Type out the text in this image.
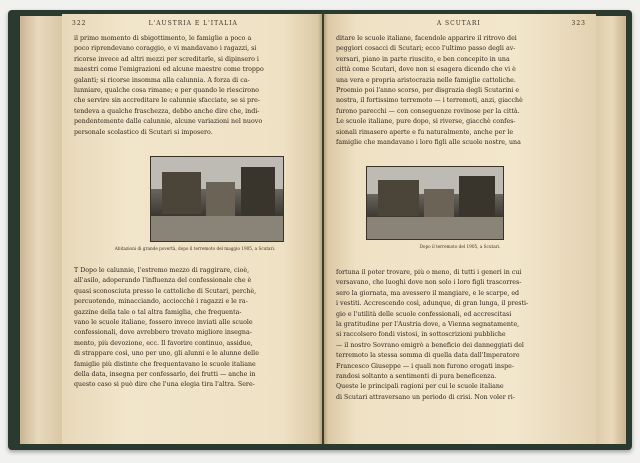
322	L'AUSTRIA E L'ITALIA

il primo momento di sbigottimento, le famiglie a poco a

poco riprendevano coraggio, e vi mandavano i ragazzi, si

ricorse invece ad altri mezzi per screditarle, si dipinsero i

maestri come l'emigrazioni ed alcune maestre come troppo

galanti; si ricorse insomma alla calunnia. A forza di ca-

lunniare, qualche cosa rimane; e per quando le riescirono

che servire sin accreditare le calunnie sfacciate, se si pre-

tendeva a qualche fraschezza, debbo anche dire che, indi-

pendentemente dalle calunnie, alcune variazioni nel nuovo

personale scolastico di Scutari si imposero.

Abitazioni di grande povertà, dopo il terremoto del maggio 1905, a Scutari.

T Dopo le calunnie, l'estremo mezzo di raggirare, cioè,

all'asilo, adoperando l'influenza del confessionale che è

quasi sconosciuta presso le cattoliche di Scutari, perchè,

percuotendo, minacciando, acciocchè i ragazzi e le ra-

gazzine della tale o tal altra famiglia, che frequenta-

vano le scuole italiane, fossero invece inviati alle scuole

confessionali, dove avrebbero trovato migliore insegna-

mento, più devozione, ecc. Il favorire continuo, assidue,

di strappare così, uno per uno, gli alunni e le alunne delle

famiglie più distinte che frequentavano le scuole italiane

della data, insegna per confessarlo, dei frutti — anche in

questo caso si può dire che l'una elegia tira l'altra. Sere-

A SCUTARI	323

ditare le scuole italiane, facendole apparire il ritrovo dei

peggiori cosacci di Scutari; ecco l'ultimo passo degli av-

versari, piano in parte riuscito, e ben concepito in una

città come Scutari, dove non si esagera dicendo che vi è

una vera e propria aristocrazia nelle famiglie cattoliche.

Proemio poi l'anno scorso, per disgrazia degli Scutarini e

nostra, il fortissimo terremoto — i terremoti, anzi, giacchè

furono parecchi — con conseguenze rovinose per la città.

Le scuole italiane, pure dopo, si riverse, giacchè confes-

sionali rimasero aperte e fu naturalmente, anche per le

famiglie che mandavano i loro figli alle scuole nostre, una

Dopo il terremoto del 1905, a Scutari.

fortuna il poter trovare, più o meno, di tutti i generi in cui

versavano, che luoghi dove non solo i loro figli trascorres-

sero la giornata, ma avessero il mangiare, e le scarpe, ed

i vestiti. Accrescendo così, adunque, di gran lunga, il presti-

gio e l'utilità delle scuole confessionali, ed accrescitasi

la gratitudine per l'Austria dove, a Vienna segnatamente,

si raccolsero fondi vistosi, in sottoscrizioni pubbliche

— il nostro Sovrano emigrò a beneficio dei danneggiati del

terremoto la stessa somma di quella data dall'Imperatore

Francesco Giuseppe — i quali non furono erogati inspe-

randosi soltanto a sentimenti di pura beneficenza.

Queste le principali ragioni per cui le scuole italiane

di Scutari attraversano un periodo di crisi. Non voler ri-
